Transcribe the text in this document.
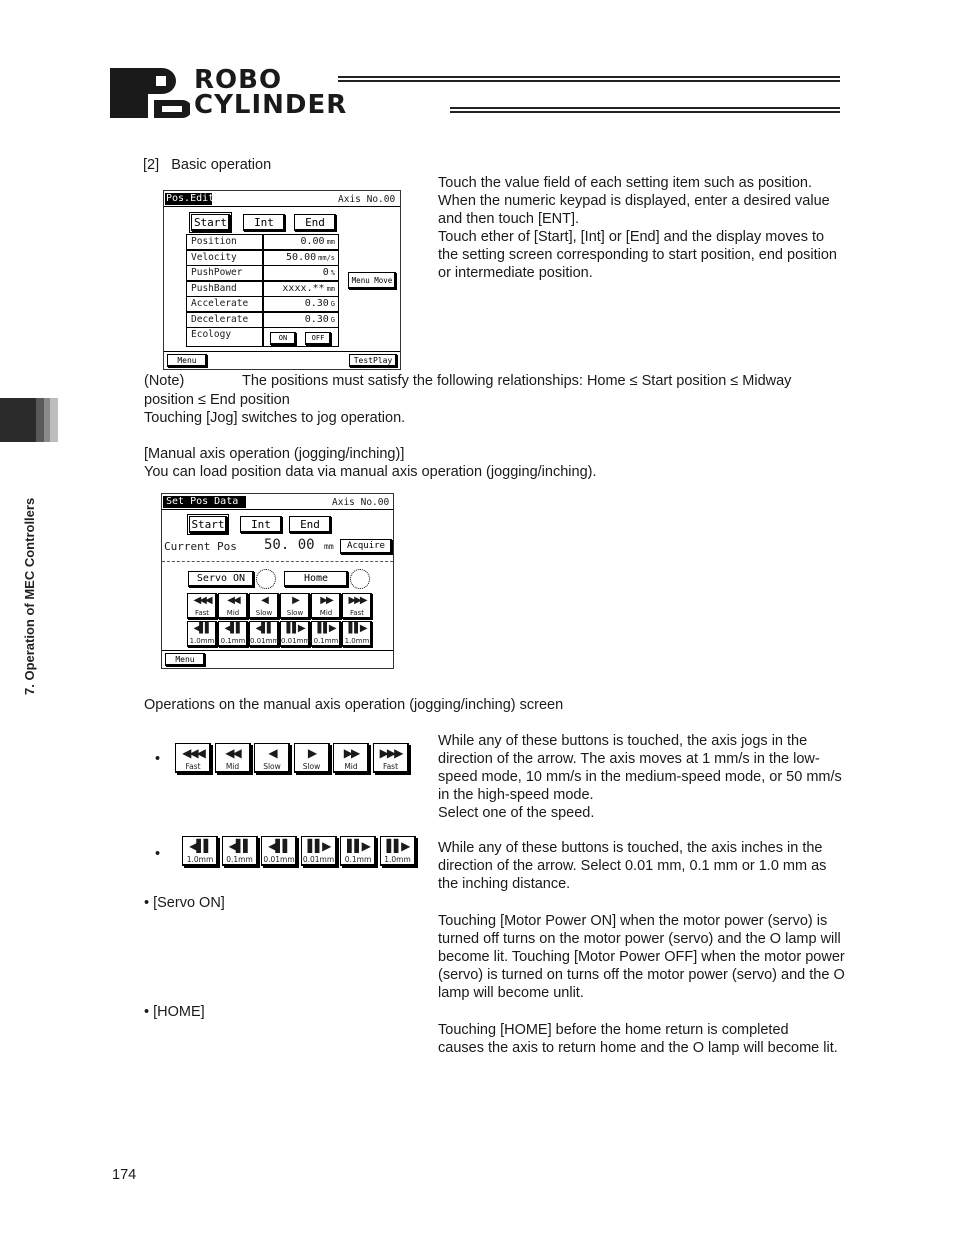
ROBO
CYLINDER
7. Operation of MEC Controllers
[2]   Basic operation
Pos.Edit	Axis No.00
Start	Int	End
Position	0.00 mm
Velocity	50.00 mm/s
PushPower	0 %
PushBand	xxxx.** mm
Accelerate	0.30 G
Decelerate	0.30 G
Ecology	ON	OFF
Menu Move
Menu	TestPlay
Touch the value field of each setting item such as position. When the numeric keypad is displayed, enter a desired value and then touch [ENT].
Touch ether of [Start], [Int] or [End] and the display moves to the setting screen corresponding to start position, end position or intermediate position.
(Note)	The positions must satisfy the following relationships: Home ≤ Start position ≤ Midway
position ≤ End position
Touching [Jog] switches to jog operation.
[Manual axis operation (jogging/inching)]
You can load position data via manual axis operation (jogging/inching).
Set Pos Data	Axis No.00
Start	Int	End
Current Pos 50. 00 mm	Acquire
Servo ON	Home
◀◀◀
Fast
◀◀
Mid
◀
Slow
▶
Slow
▶▶
Mid
▶▶▶
Fast
◀▌▌
1.0mm
◀▌▌
0.1mm
◀▌▌
0.01mm
▌▌▶
0.01mm
▌▌▶
0.1mm
▌▌▶
1.0mm
Menu
Operations on the manual axis operation (jogging/inching) screen
•	◀◀◀
Fast
◀◀
Mid
◀
Slow
▶
Slow
▶▶
Mid
▶▶▶
Fast
While any of these buttons is touched, the axis jogs in the direction of the arrow. The axis moves at 1 mm/s in the low-speed mode, 10 mm/s in the medium-speed mode, or 50 mm/s in the high-speed mode.
Select one of the speed.
•	◀▌▌
1.0mm
◀▌▌
0.1mm
◀▌▌
0.01mm
▌▌▶
0.01mm
▌▌▶
0.1mm
▌▌▶
1.0mm
While any of these buttons is touched, the axis inches in the direction of the arrow. Select 0.01 mm, 0.1 mm or 1.0 mm as the inching distance.
• [Servo ON]
Touching [Motor Power ON] when the motor power (servo) is turned off turns on the motor power (servo) and the O lamp will become lit. Touching [Motor Power OFF] when the motor power (servo) is turned on turns off the motor power (servo) and the O lamp will become unlit.
• [HOME]
Touching [HOME] before the home return is completed causes the axis to return home and the O lamp will become lit.
174
